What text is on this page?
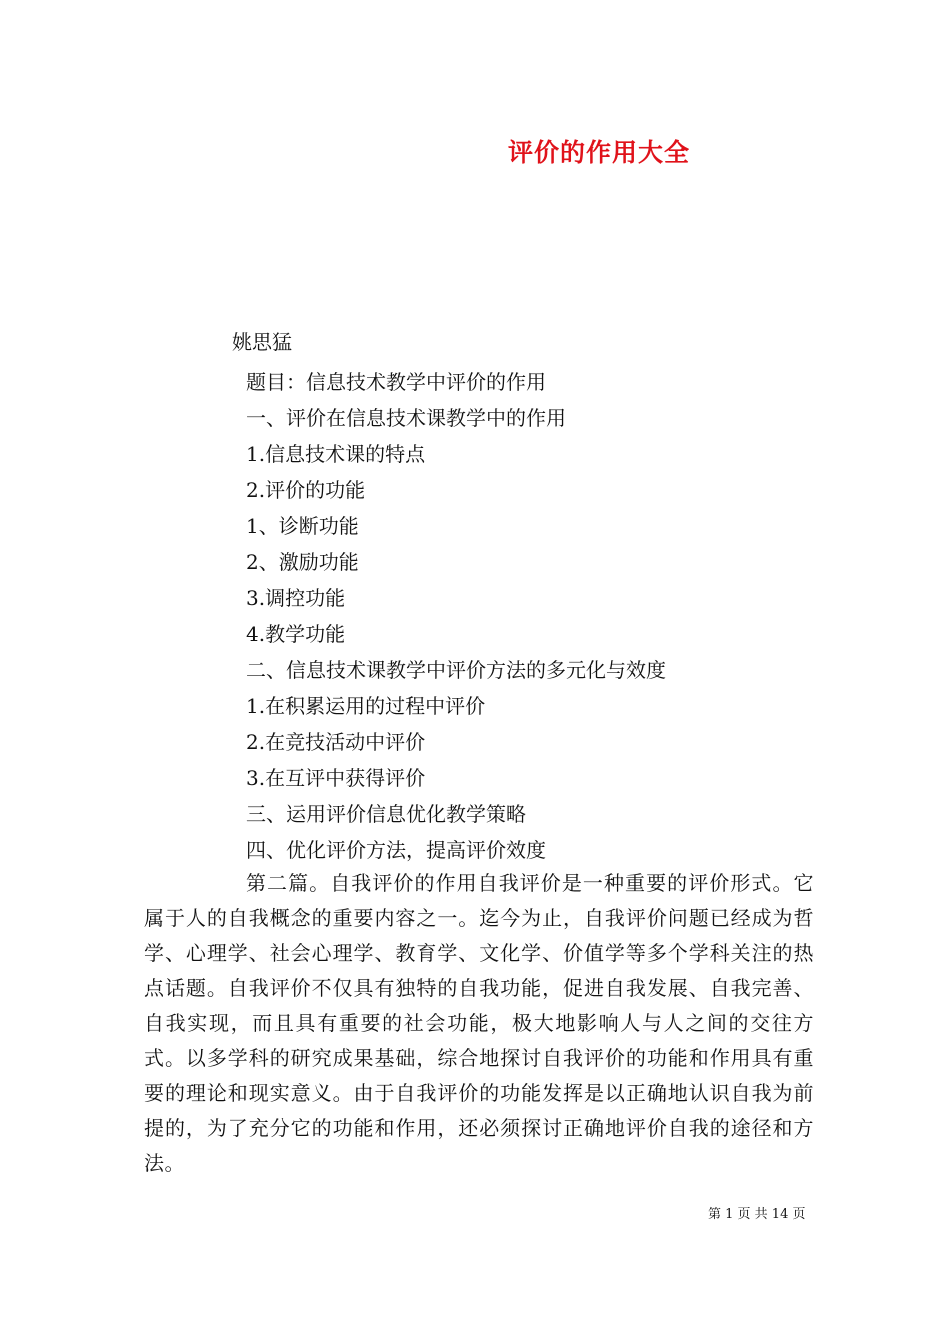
评价的作用大全
姚思猛
题目：信息技术教学中评价的作用
一、评价在信息技术课教学中的作用
1.信息技术课的特点
2.评价的功能
1、诊断功能
2、激励功能
3.调控功能
4.教学功能
二、信息技术课教学中评价方法的多元化与效度
1.在积累运用的过程中评价
2.在竞技活动中评价
3.在互评中获得评价
三、运用评价信息优化教学策略
四、优化评价方法，提高评价效度

第二篇。自我评价的作用自我评价是一种重要的评价形式。它属于人的自我概念的重要内容之一。迄今为止，自我评价问题已经成为哲学、心理学、社会心理学、教育学、文化学、价值学等多个学科关注的热点话题。自我评价不仅具有独特的自我功能，促进自我发展、自我完善、自我实现，而且具有重要的社会功能，极大地影响人与人之间的交往方式。以多学科的研究成果基础，综合地探讨自我评价的功能和作用具有重要的理论和现实意义。由于自我评价的功能发挥是以正确地认识自我为前提的，为了充分它的功能和作用，还必须探讨正确地评价自我的途径和方法。

第 1 页 共 14 页
